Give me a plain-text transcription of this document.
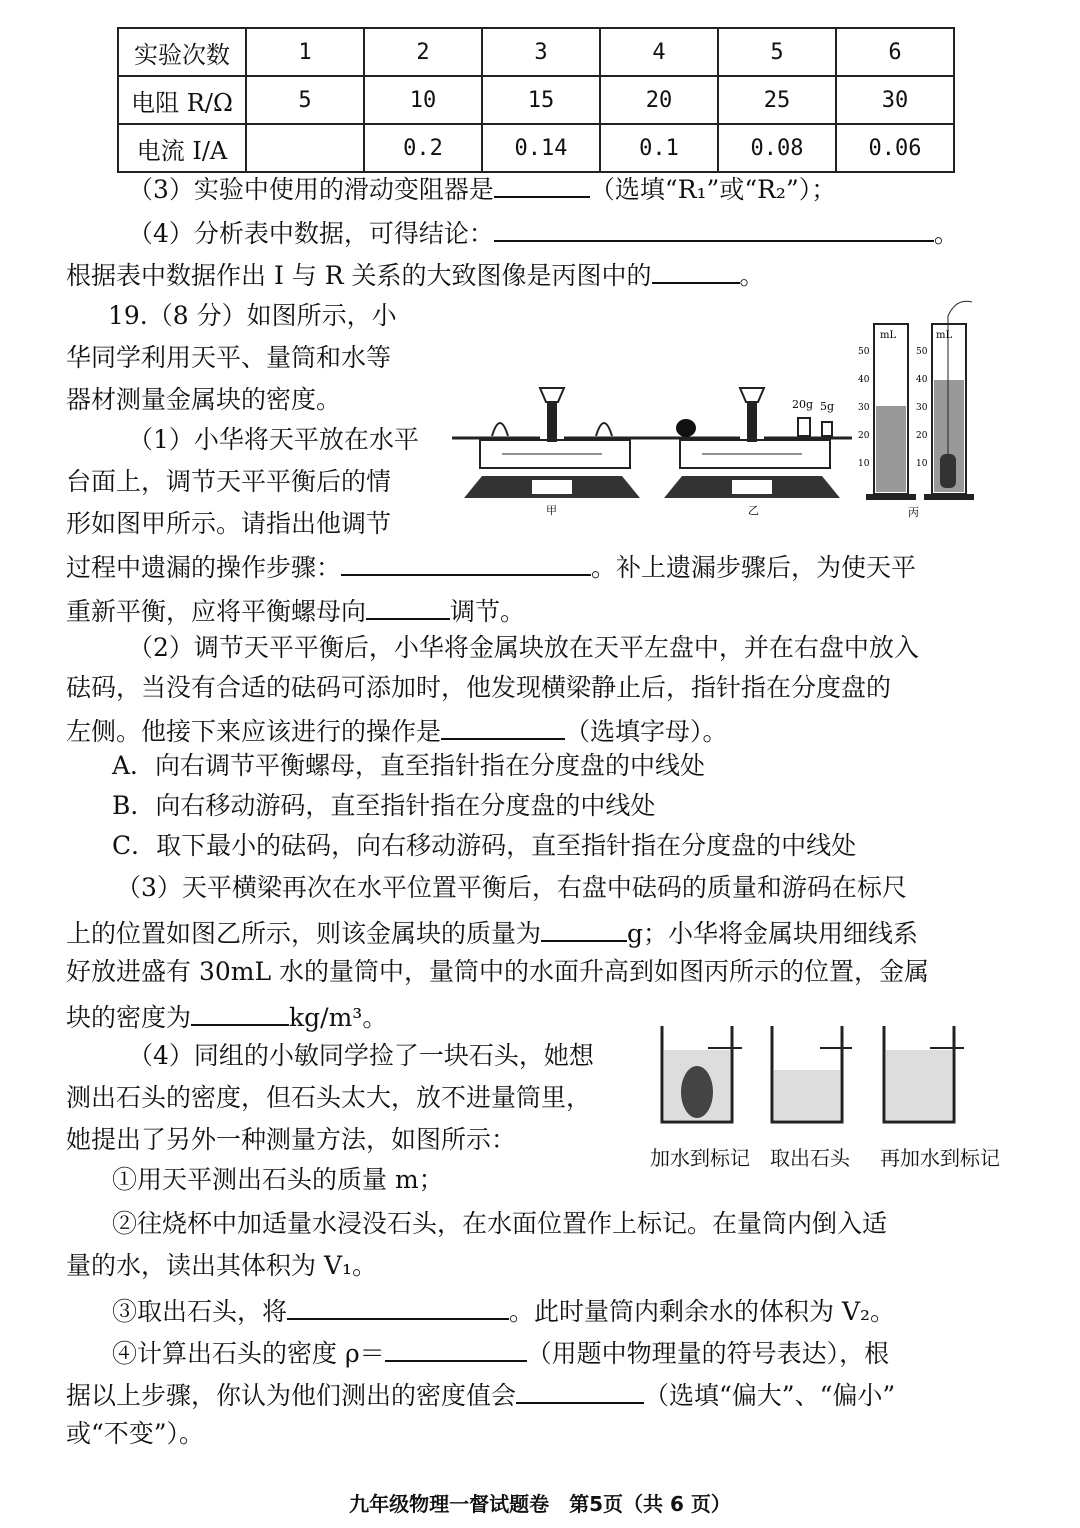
实验次数	1	2	3	4	5	6
电阻 R/Ω	5	10	15	20	25	30
电流 I/A		0.2	0.14	0.1	0.08	0.06
（3）实验中使用的滑动变阻器是	（选填“R₁”或“R₂”）；
（4）分析表中数据，可得结论：	。
根据表中数据作出 I 与 R 关系的大致图像是丙图中的	。
19.（8 分）如图所示，小
华同学利用天平、量筒和水等
器材测量金属块的密度。
（1）小华将天平放在水平
台面上，调节天平平衡后的情
形如图甲所示。请指出他调节
过程中遗漏的操作步骤：	。补上遗漏步骤后，为使天平
重新平衡，应将平衡螺母向	调节。
（2）调节天平平衡后，小华将金属块放在天平左盘中，并在右盘中放入
砝码，当没有合适的砝码可添加时，他发现横梁静止后，指针指在分度盘的
左侧。他接下来应该进行的操作是	（选填字母）。
A．向右调节平衡螺母，直至指针指在分度盘的中线处
B．向右移动游码，直至指针指在分度盘的中线处
C．取下最小的砝码，向右移动游码，直至指针指在分度盘的中线处
（3）天平横梁再次在水平位置平衡后，右盘中砝码的质量和游码在标尺
上的位置如图乙所示，则该金属块的质量为	g；小华将金属块用细线系
好放进盛有 30mL 水的量筒中，量筒中的水面升高到如图丙所示的位置，金属
块的密度为	kg/m³。
（4）同组的小敏同学捡了一块石头，她想
测出石头的密度，但石头太大，放不进量筒里，
她提出了另外一种测量方法，如图所示：
①用天平测出石头的质量 m；
②往烧杯中加适量水浸没石头，在水面位置作上标记。在量筒内倒入适
量的水，读出其体积为 V₁。
③取出石头，将	。此时量筒内剩余水的体积为 V₂。
④计算出石头的密度 ρ＝	（用题中物理量的符号表达），根
据以上步骤，你认为他们测出的密度值会	（选填“偏大”、“偏小”
或“不变”）。
甲
20g 5g
乙
mL	mL
50
40
30
20
10
50
40
30
20
10
丙
加水到标记 取出石头 再加水到标记
九年级物理一督试题卷　第5页（共 6 页）
